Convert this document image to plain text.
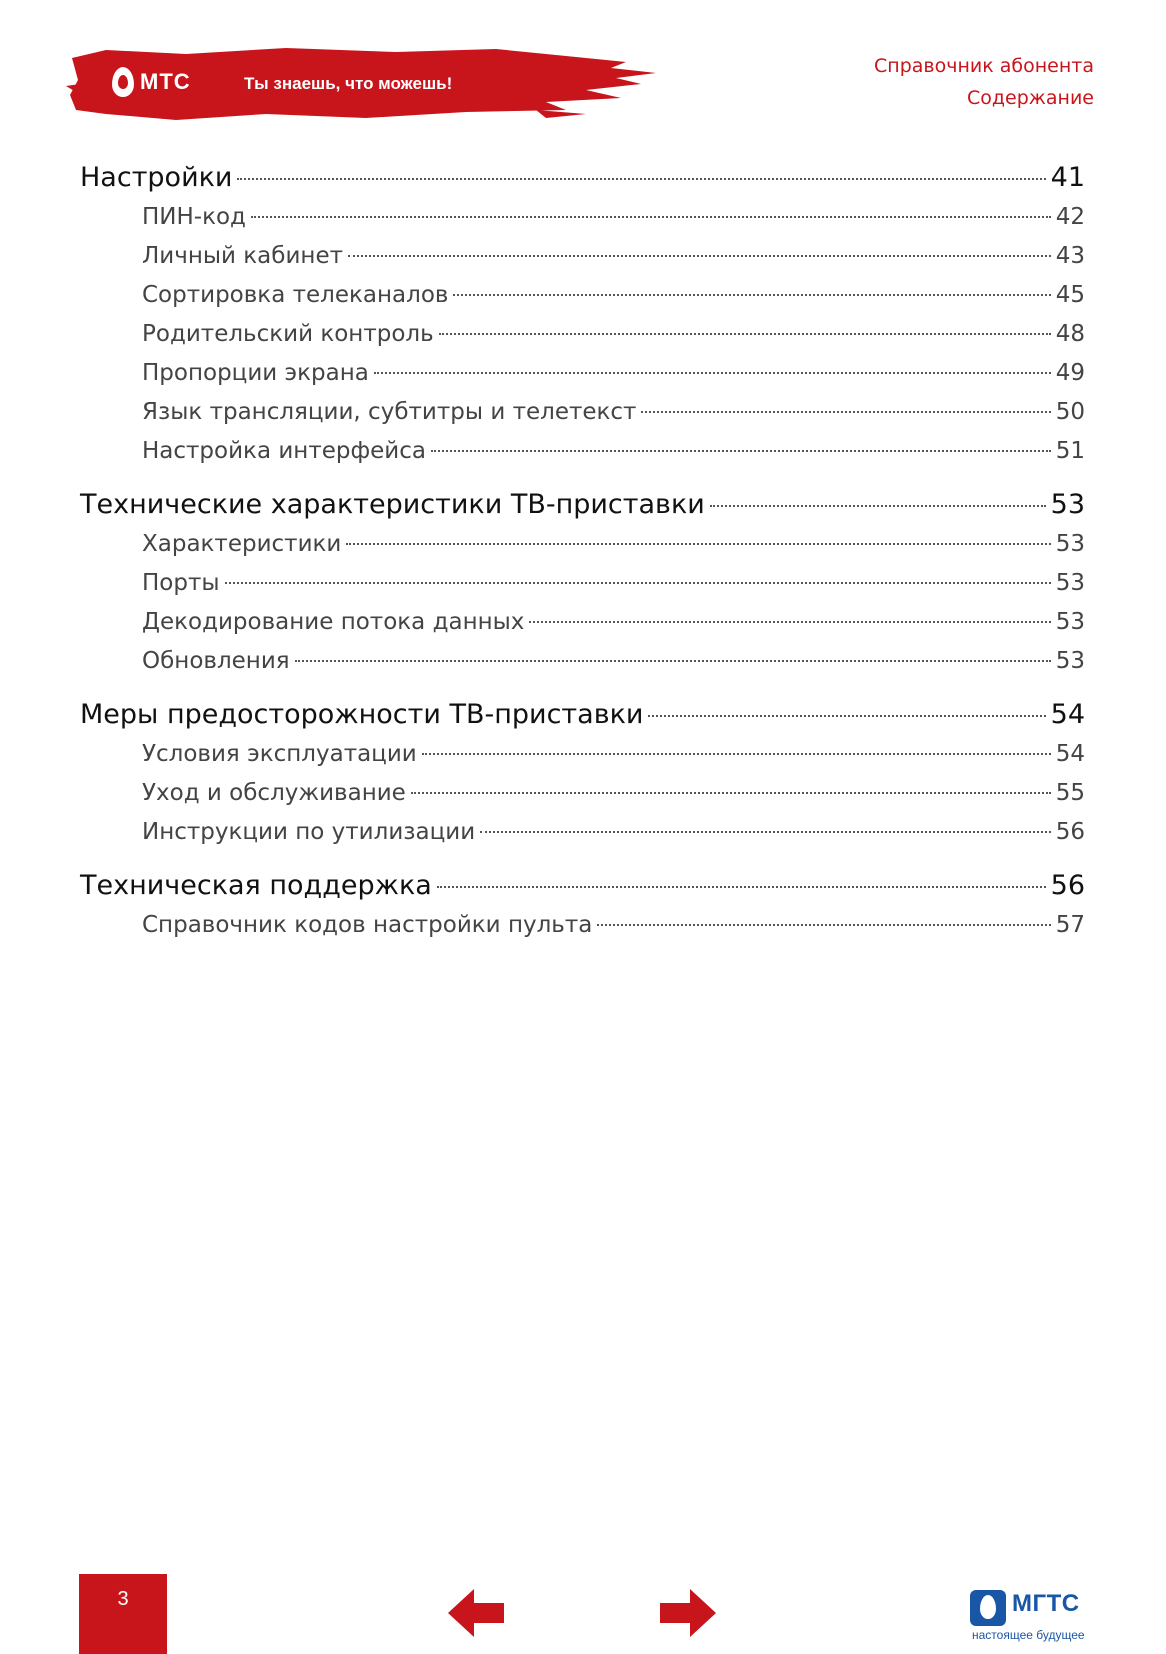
МТС	Ты знаешь, что можешь!
Справочник абонента
Содержание
Настройки	41
ПИН-код	42
Личный кабинет	43
Сортировка телеканалов	45
Родительский контроль	48
Пропорции экрана	49
Язык трансляции, субтитры и телетекст	50
Настройка интерфейса	51
Технические характеристики ТВ-приставки	53
Характеристики	53
Порты	53
Декодирование потока данных	53
Обновления	53
Меры предосторожности ТВ-приставки	54
Условия эксплуатации	54
Уход и обслуживание	55
Инструкции по утилизации	56
Техническая поддержка	56
Справочник кодов настройки пульта	57
3	МГТС
настоящее будущее
